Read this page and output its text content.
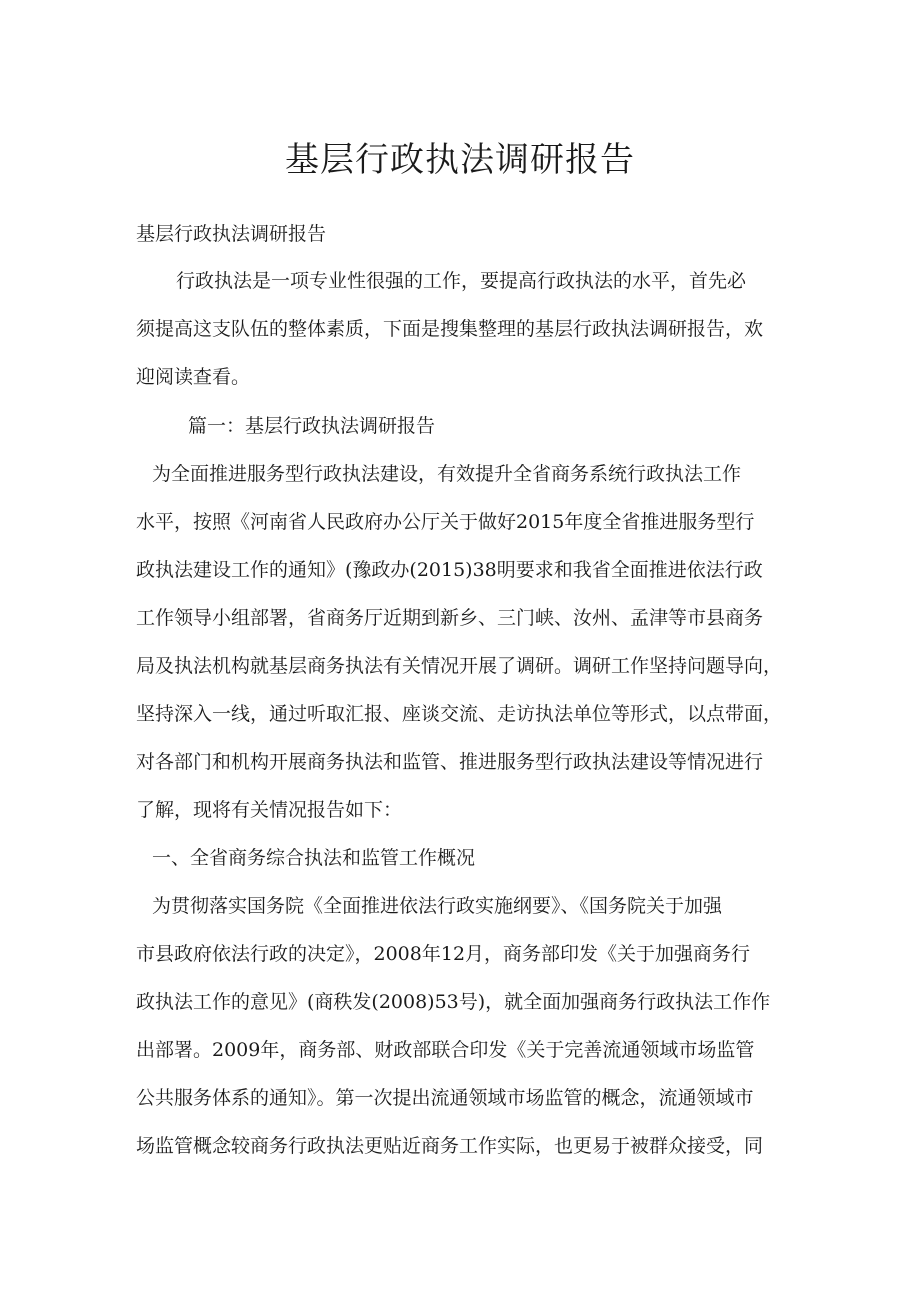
基层行政执法调研报告

基层行政执法调研报告

行政执法是一项专业性很强的工作，要提高行政执法的水平，首先必

须提高这支队伍的整体素质，下面是搜集整理的基层行政执法调研报告，欢

迎阅读查看。

篇一：基层行政执法调研报告

为全面推进服务型行政执法建设，有效提升全省商务系统行政执法工作

水平，按照《河南省人民政府办公厅关于做好2015年度全省推进服务型行

政执法建设工作的通知》(豫政办(2015)38明要求和我省全面推进依法行政

工作领导小组部署，省商务厅近期到新乡、三门峡、汝州、孟津等市县商务

局及执法机构就基层商务执法有关情况开展了调研。调研工作坚持问题导向，

坚持深入一线，通过听取汇报、座谈交流、走访执法单位等形式，以点带面，

对各部门和机构开展商务执法和监管、推进服务型行政执法建设等情况进行

了解，现将有关情况报告如下：

一、全省商务综合执法和监管工作概况

为贯彻落实国务院《全面推进依法行政实施纲要》、《国务院关于加强

市县政府依法行政的决定》，2008年12月，商务部印发《关于加强商务行

政执法工作的意见》(商秩发(2008)53号)，就全面加强商务行政执法工作作

出部署。2009年，商务部、财政部联合印发《关于完善流通领域市场监管

公共服务体系的通知》。第一次提出流通领域市场监管的概念，流通领域市

场监管概念较商务行政执法更贴近商务工作实际，也更易于被群众接受，同
